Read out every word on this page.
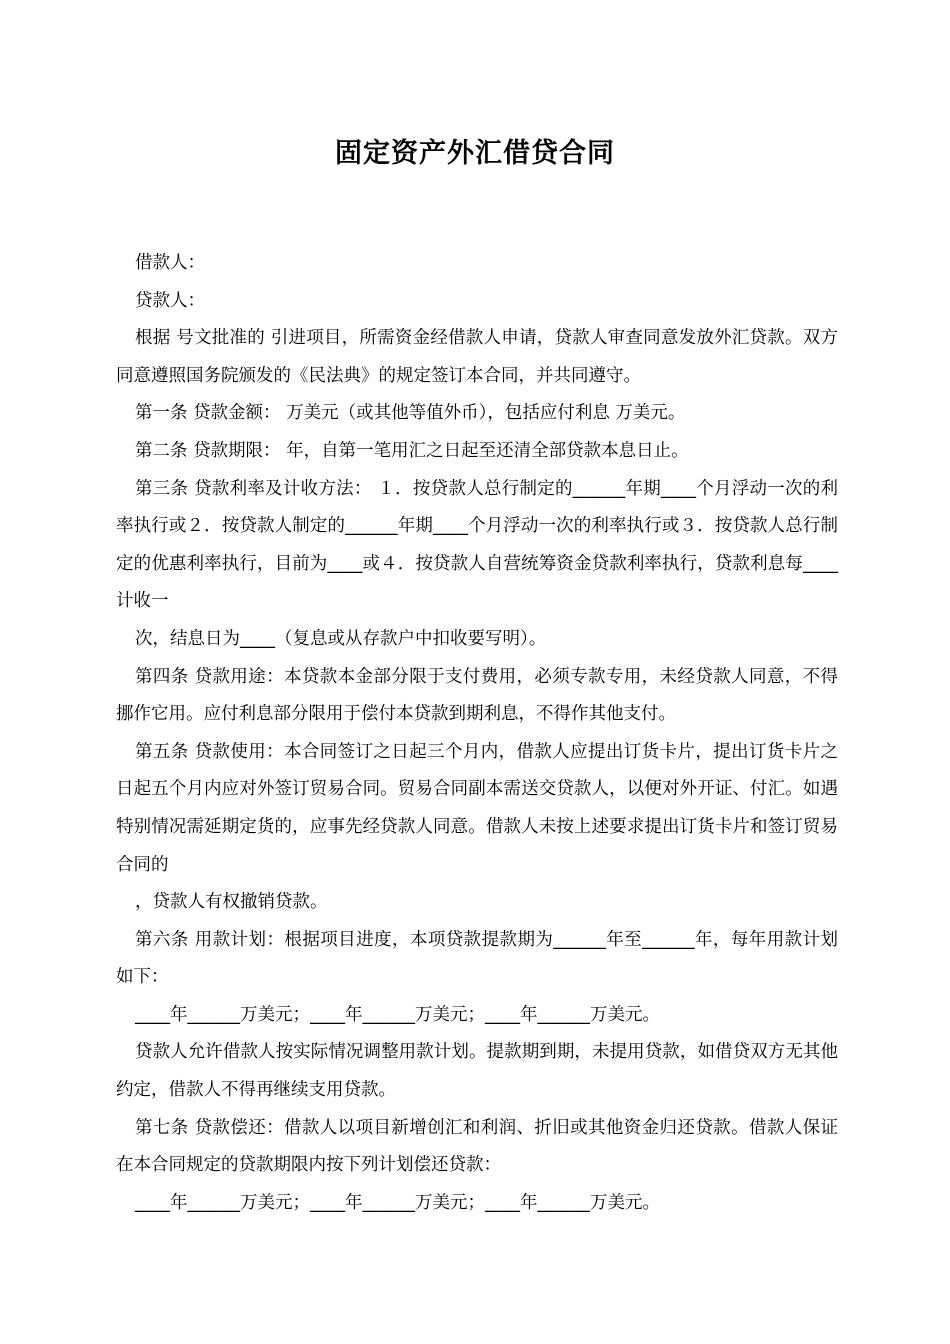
固定资产外汇借贷合同

借款人：

贷款人：

根据 号文批准的 引进项目，所需资金经借款人申请，贷款人审查同意发放外汇贷款。双方同意遵照国务院颁发的《民法典》的规定签订本合同，并共同遵守。

第一条 贷款金额： 万美元（或其他等值外币），包括应付利息 万美元。

第二条 贷款期限： 年，自第一笔用汇之日起至还清全部贷款本息日止。

第三条 贷款利率及计收方法： １．按贷款人总行制定的______年期____个月浮动一次的利率执行或２．按贷款人制定的______年期____个月浮动一次的利率执行或３．按贷款人总行制定的优惠利率执行，目前为____或４．按贷款人自营统筹资金贷款利率执行，贷款利息每____计收一

次，结息日为____（复息或从存款户中扣收要写明）。

第四条 贷款用途：本贷款本金部分限于支付费用，必须专款专用，未经贷款人同意，不得挪作它用。应付利息部分限用于偿付本贷款到期利息，不得作其他支付。

第五条 贷款使用：本合同签订之日起三个月内，借款人应提出订货卡片，提出订货卡片之日起五个月内应对外签订贸易合同。贸易合同副本需送交贷款人，以便对外开证、付汇。如遇特别情况需延期定货的，应事先经贷款人同意。借款人未按上述要求提出订货卡片和签订贸易合同的

，贷款人有权撤销贷款。

第六条 用款计划：根据项目进度，本项贷款提款期为______年至______年，每年用款计划如下：

____年______万美元；____年______万美元；____年______万美元。

贷款人允许借款人按实际情况调整用款计划。提款期到期，未提用贷款，如借贷双方无其他约定，借款人不得再继续支用贷款。

第七条 贷款偿还：借款人以项目新增创汇和利润、折旧或其他资金归还贷款。借款人保证在本合同规定的贷款期限内按下列计划偿还贷款：

____年______万美元；____年______万美元；____年______万美元。
